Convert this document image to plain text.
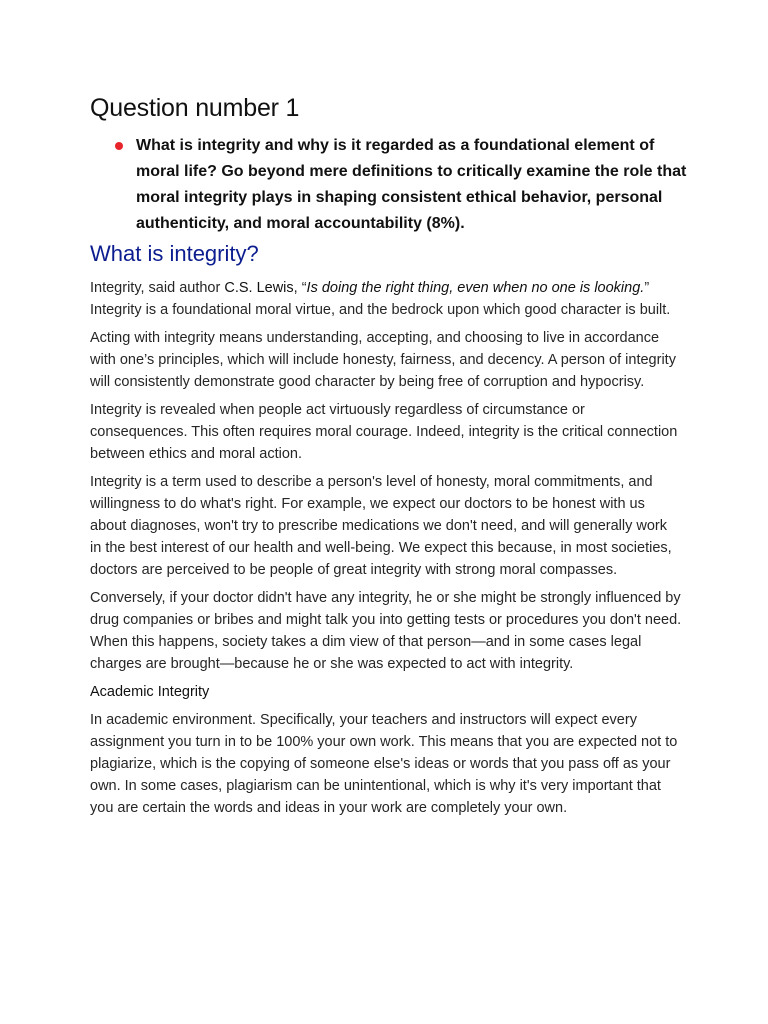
Question number 1
What is integrity and why is it regarded as a foundational element of moral life? Go beyond mere definitions to critically examine the role that moral integrity plays in shaping consistent ethical behavior, personal authenticity, and moral accountability (8%).
What is integrity?

Integrity, said author C.S. Lewis, “Is doing the right thing, even when no one is looking.” Integrity is a foundational moral virtue, and the bedrock upon which good character is built.

Acting with integrity means understanding, accepting, and choosing to live in accordance with one’s principles, which will include honesty, fairness, and decency. A person of integrity will consistently demonstrate good character by being free of corruption and hypocrisy.

Integrity is revealed when people act virtuously regardless of circumstance or consequences. This often requires moral courage. Indeed, integrity is the critical connection between ethics and moral action.

Integrity is a term used to describe a person's level of honesty, moral commitments, and willingness to do what's right. For example, we expect our doctors to be honest with us about diagnoses, won't try to prescribe medications we don't need, and will generally work in the best interest of our health and well-being. We expect this because, in most societies, doctors are perceived to be people of great integrity with strong moral compasses.

Conversely, if your doctor didn't have any integrity, he or she might be strongly influenced by drug companies or bribes and might talk you into getting tests or procedures you don't need. When this happens, society takes a dim view of that person—and in some cases legal charges are brought—because he or she was expected to act with integrity.

Academic Integrity

In academic environment. Specifically, your teachers and instructors will expect every assignment you turn in to be 100% your own work. This means that you are expected not to plagiarize, which is the copying of someone else's ideas or words that you pass off as your own. In some cases, plagiarism can be unintentional, which is why it's very important that you are certain the words and ideas in your work are completely your own.
